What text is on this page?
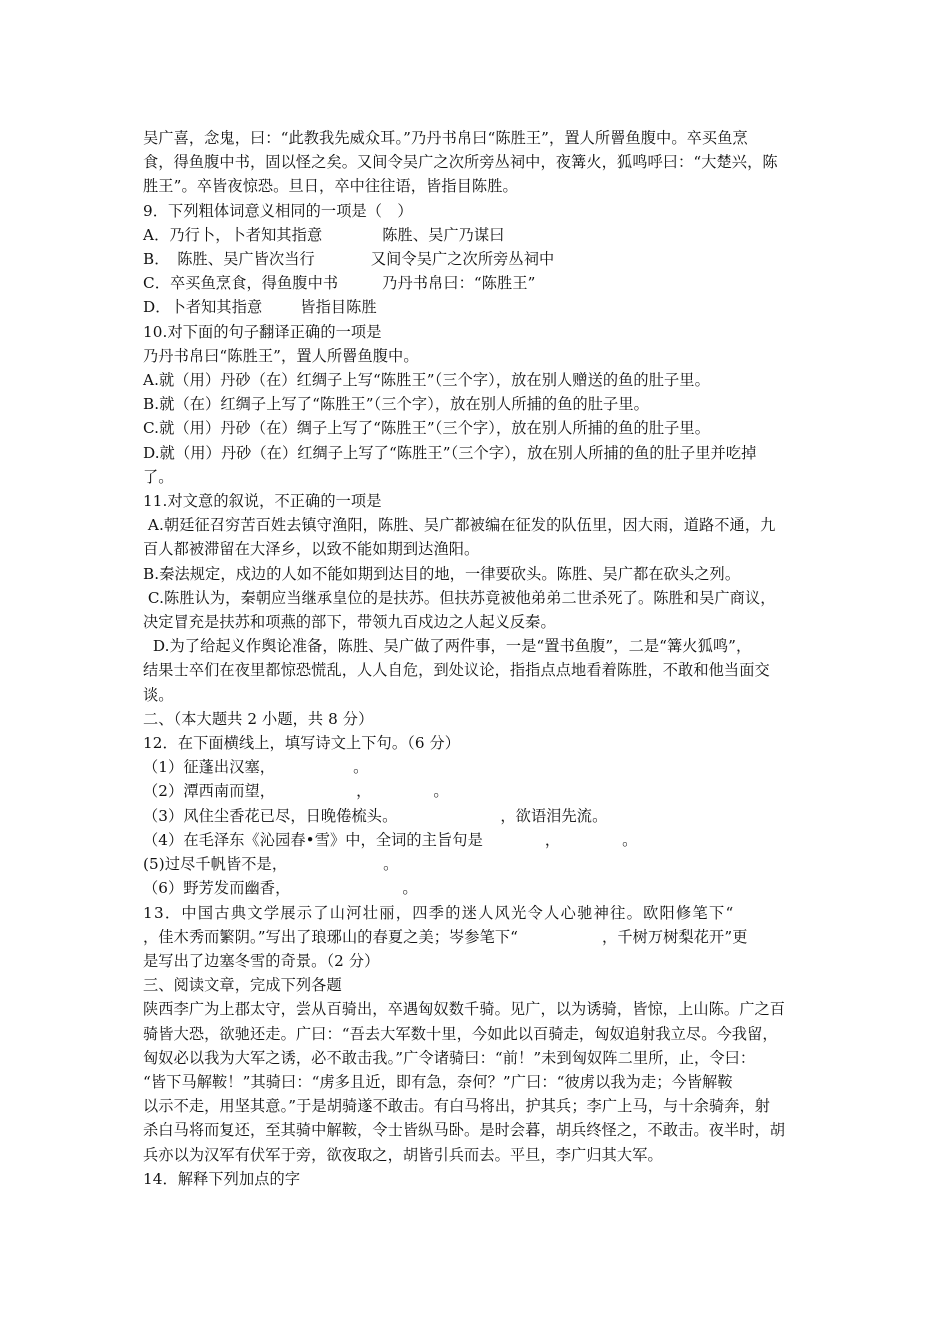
吴广喜，念鬼，曰：“此教我先威众耳。”乃丹书帛曰“陈胜王”，置人所罾鱼腹中。卒买鱼烹
食，得鱼腹中书，固以怪之矣。又间令吴广之次所旁丛祠中，夜篝火，狐鸣呼曰：“大楚兴，陈
胜王”。卒皆夜惊恐。旦日，卒中往往语，皆指目陈胜。
9．下列粗体词意义相同的一项是（　）
A．乃行卜，卜者知其指意	陈胜、吴广乃谋曰
B．　陈胜、吴广皆次当行	又间令吴广之次所旁丛祠中
C．卒买鱼烹食，得鱼腹中书	乃丹书帛曰：“陈胜王”
D．卜者知其指意	皆指目陈胜
10.对下面的句子翻译正确的一项是
乃丹书帛曰“陈胜王”，置人所罾鱼腹中。
A.就（用）丹砂（在）红绸子上写“陈胜王”（三个字），放在别人赠送的鱼的肚子里。
B.就（在）红绸子上写了“陈胜王”（三个字），放在别人所捕的鱼的肚子里。
C.就（用）丹砂（在）绸子上写了“陈胜王”（三个字），放在别人所捕的鱼的肚子里。
D.就（用）丹砂（在）红绸子上写了“陈胜王”（三个字），放在别人所捕的鱼的肚子里并吃掉
了。
11.对文意的叙说，不正确的一项是
A.朝廷征召穷苦百姓去镇守渔阳，陈胜、吴广都被编在征发的队伍里，因大雨，道路不通，九
百人都被滞留在大泽乡，以致不能如期到达渔阳。
B.秦法规定，戍边的人如不能如期到达目的地，一律要砍头。陈胜、吴广都在砍头之列。
C.陈胜认为，秦朝应当继承皇位的是扶苏。但扶苏竟被他弟弟二世杀死了。陈胜和吴广商议，
决定冒充是扶苏和项燕的部下，带领九百戍边之人起义反秦。
D.为了给起义作舆论准备，陈胜、吴广做了两件事，一是“置书鱼腹”，二是“篝火狐鸣”，
结果士卒们在夜里都惊恐慌乱，人人自危，到处议论，指指点点地看着陈胜，不敢和他当面交
谈。
二、（本大题共 2 小题，共 8 分）
12．在下面横线上，填写诗文上下句。（6 分）
（1）征蓬出汉塞，	。
（2）潭西南而望，	，	。
（3）风住尘香花已尽，日晚倦梳头。	，欲语泪先流。
（4）在毛泽东《沁园春•雪》中，全词的主旨句是	，	。
(5)过尽千帆皆不是，	。
（6）野芳发而幽香，	。
13．中国古典文学展示了山河壮丽，四季的迷人风光令人心驰神往。欧阳修笔下“
，佳木秀而繁阴。”写出了琅琊山的春夏之美；岑参笔下“	，千树万树梨花开”更
是写出了边塞冬雪的奇景。（2 分）
三、阅读文章，完成下列各题
陕西李广为上郡太守，尝从百骑出，卒遇匈奴数千骑。见广，以为诱骑，皆惊，上山陈。广之百
骑皆大恐，欲驰还走。广曰：“吾去大军数十里，今如此以百骑走，匈奴追射我立尽。今我留，
匈奴必以我为大军之诱，必不敢击我。”广令诸骑曰：“前！”未到匈奴阵二里所，止，令曰：
“皆下马解鞍！”其骑曰：“虏多且近，即有急，奈何？”广曰：“彼虏以我为走；今皆解鞍
以示不走，用坚其意。”于是胡骑遂不敢击。有白马将出，护其兵；李广上马，与十余骑奔，射
杀白马将而复还，至其骑中解鞍，令士皆纵马卧。是时会暮，胡兵终怪之，不敢击。夜半时，胡
兵亦以为汉军有伏军于旁，欲夜取之，胡皆引兵而去。平旦，李广归其大军。
14．解释下列加点的字
